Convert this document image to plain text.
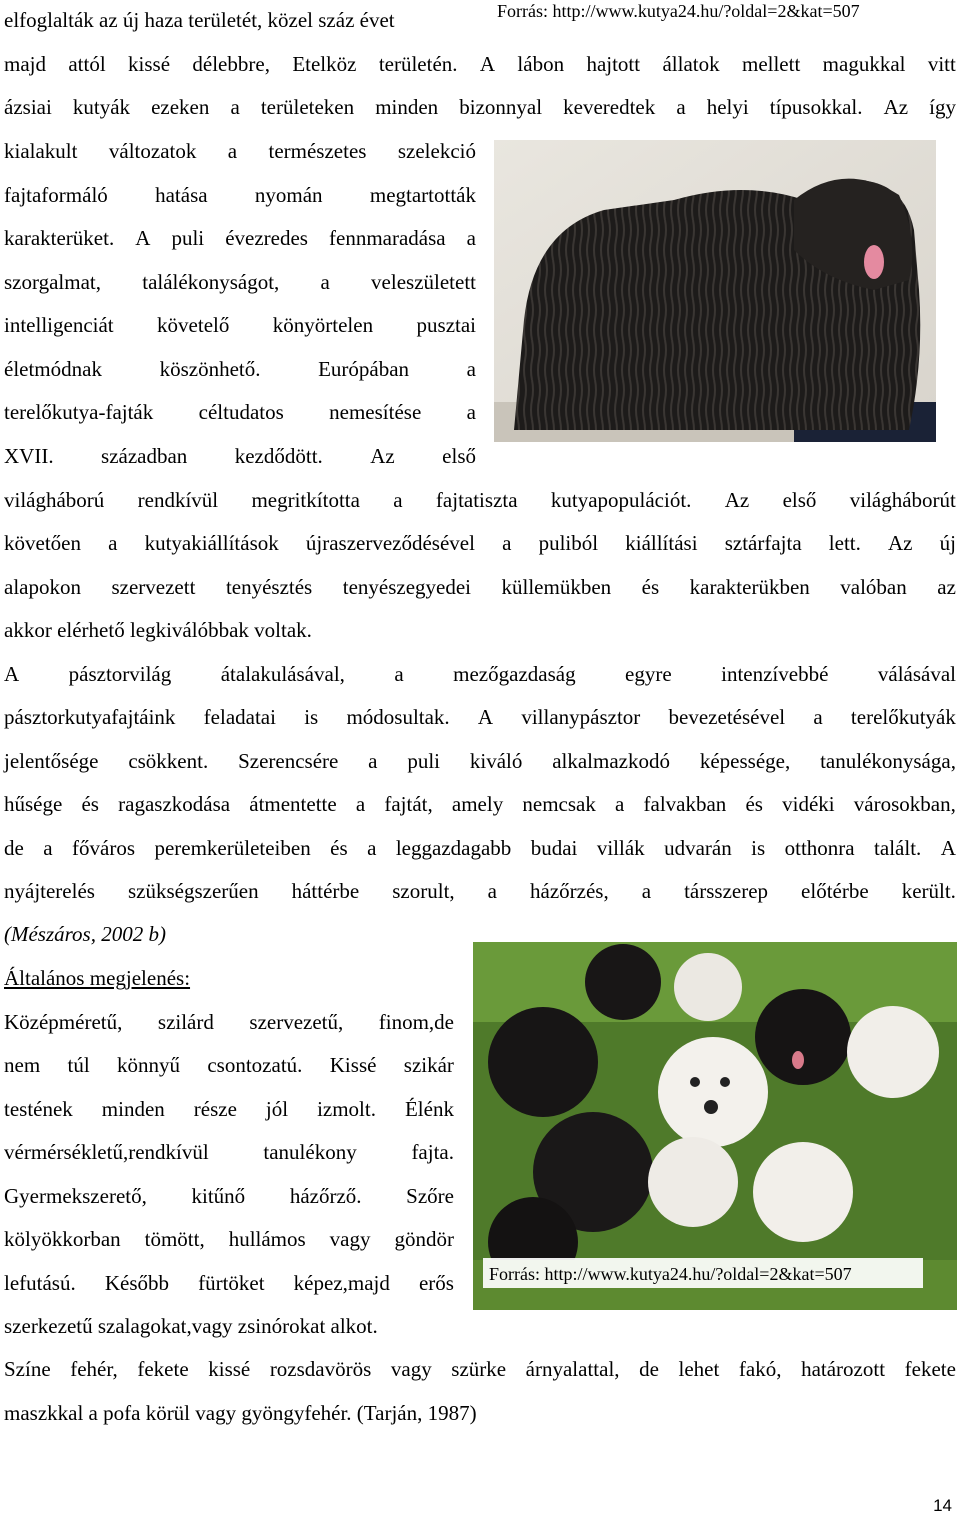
Forrás: http://www.kutya24.hu/?oldal=2&kat=507
Forrás: http://www.kutya24.hu/?oldal=2&kat=507
elfoglalták az új haza területét, közel száz évet
majd attól kissé délebbre, Etelköz területén. A lábon hajtott állatok mellett magukkal vitt
ázsiai kutyák ezeken a területeken minden bizonnyal keveredtek a helyi típusokkal. Az így
kialakult változatok a természetes szelekció
fajtaformáló hatása nyomán megtartották
karakterüket. A puli évezredes fennmaradása a
szorgalmat, találékonyságot, a veleszületett
intelligenciát követelő könyörtelen pusztai
életmódnak	köszönhető.	Európában	a
terelőkutya-fajták céltudatos nemesítése a
XVII. században kezdődött. Az első
világháború rendkívül megritkította a fajtatiszta kutyapopulációt. Az első világháborút
követően a kutyakiállítások újraszerveződésével a puliból kiállítási sztárfajta lett. Az új
alapokon szervezett tenyésztés tenyészegyedei küllemükben és karakterükben valóban az
akkor elérhető legkiválóbbak voltak.
A pásztorvilág átalakulásával, a mezőgazdaság egyre intenzívebbé válásával
pásztorkutyafajtáink feladatai is módosultak. A villanypásztor bevezetésével a terelőkutyák
jelentősége csökkent. Szerencsére a puli kiváló alkalmazkodó képessége, tanulékonysága,
hűsége és ragaszkodása átmentette a fajtát, amely nemcsak a falvakban és vidéki városokban,
de a főváros peremkerületeiben és a leggazdagabb budai villák udvarán is otthonra talált. A
nyájterelés szükségszerűen háttérbe szorult, a házőrzés, a társszerep előtérbe került.
(Mészáros, 2002 b)
Általános megjelenés:
Középméretű, szilárd szervezetű, finom,de
nem túl könnyű csontozatú. Kissé szikár
testének minden része jól izmolt. Élénk
vérmérsékletű,rendkívül	tanulékony	fajta.
Gyermekszerető, kitűnő házőrző. Szőre
kölyökkorban tömött, hullámos vagy göndör
lefutású. Később fürtöket képez,majd erős
szerkezetű szalagokat,vagy zsinórokat alkot.
Színe fehér, fekete kissé rozsdavörös vagy szürke árnyalattal, de lehet fakó, határozott fekete
maszkkal a pofa körül vagy gyöngyfehér. (Tarján, 1987)
14
